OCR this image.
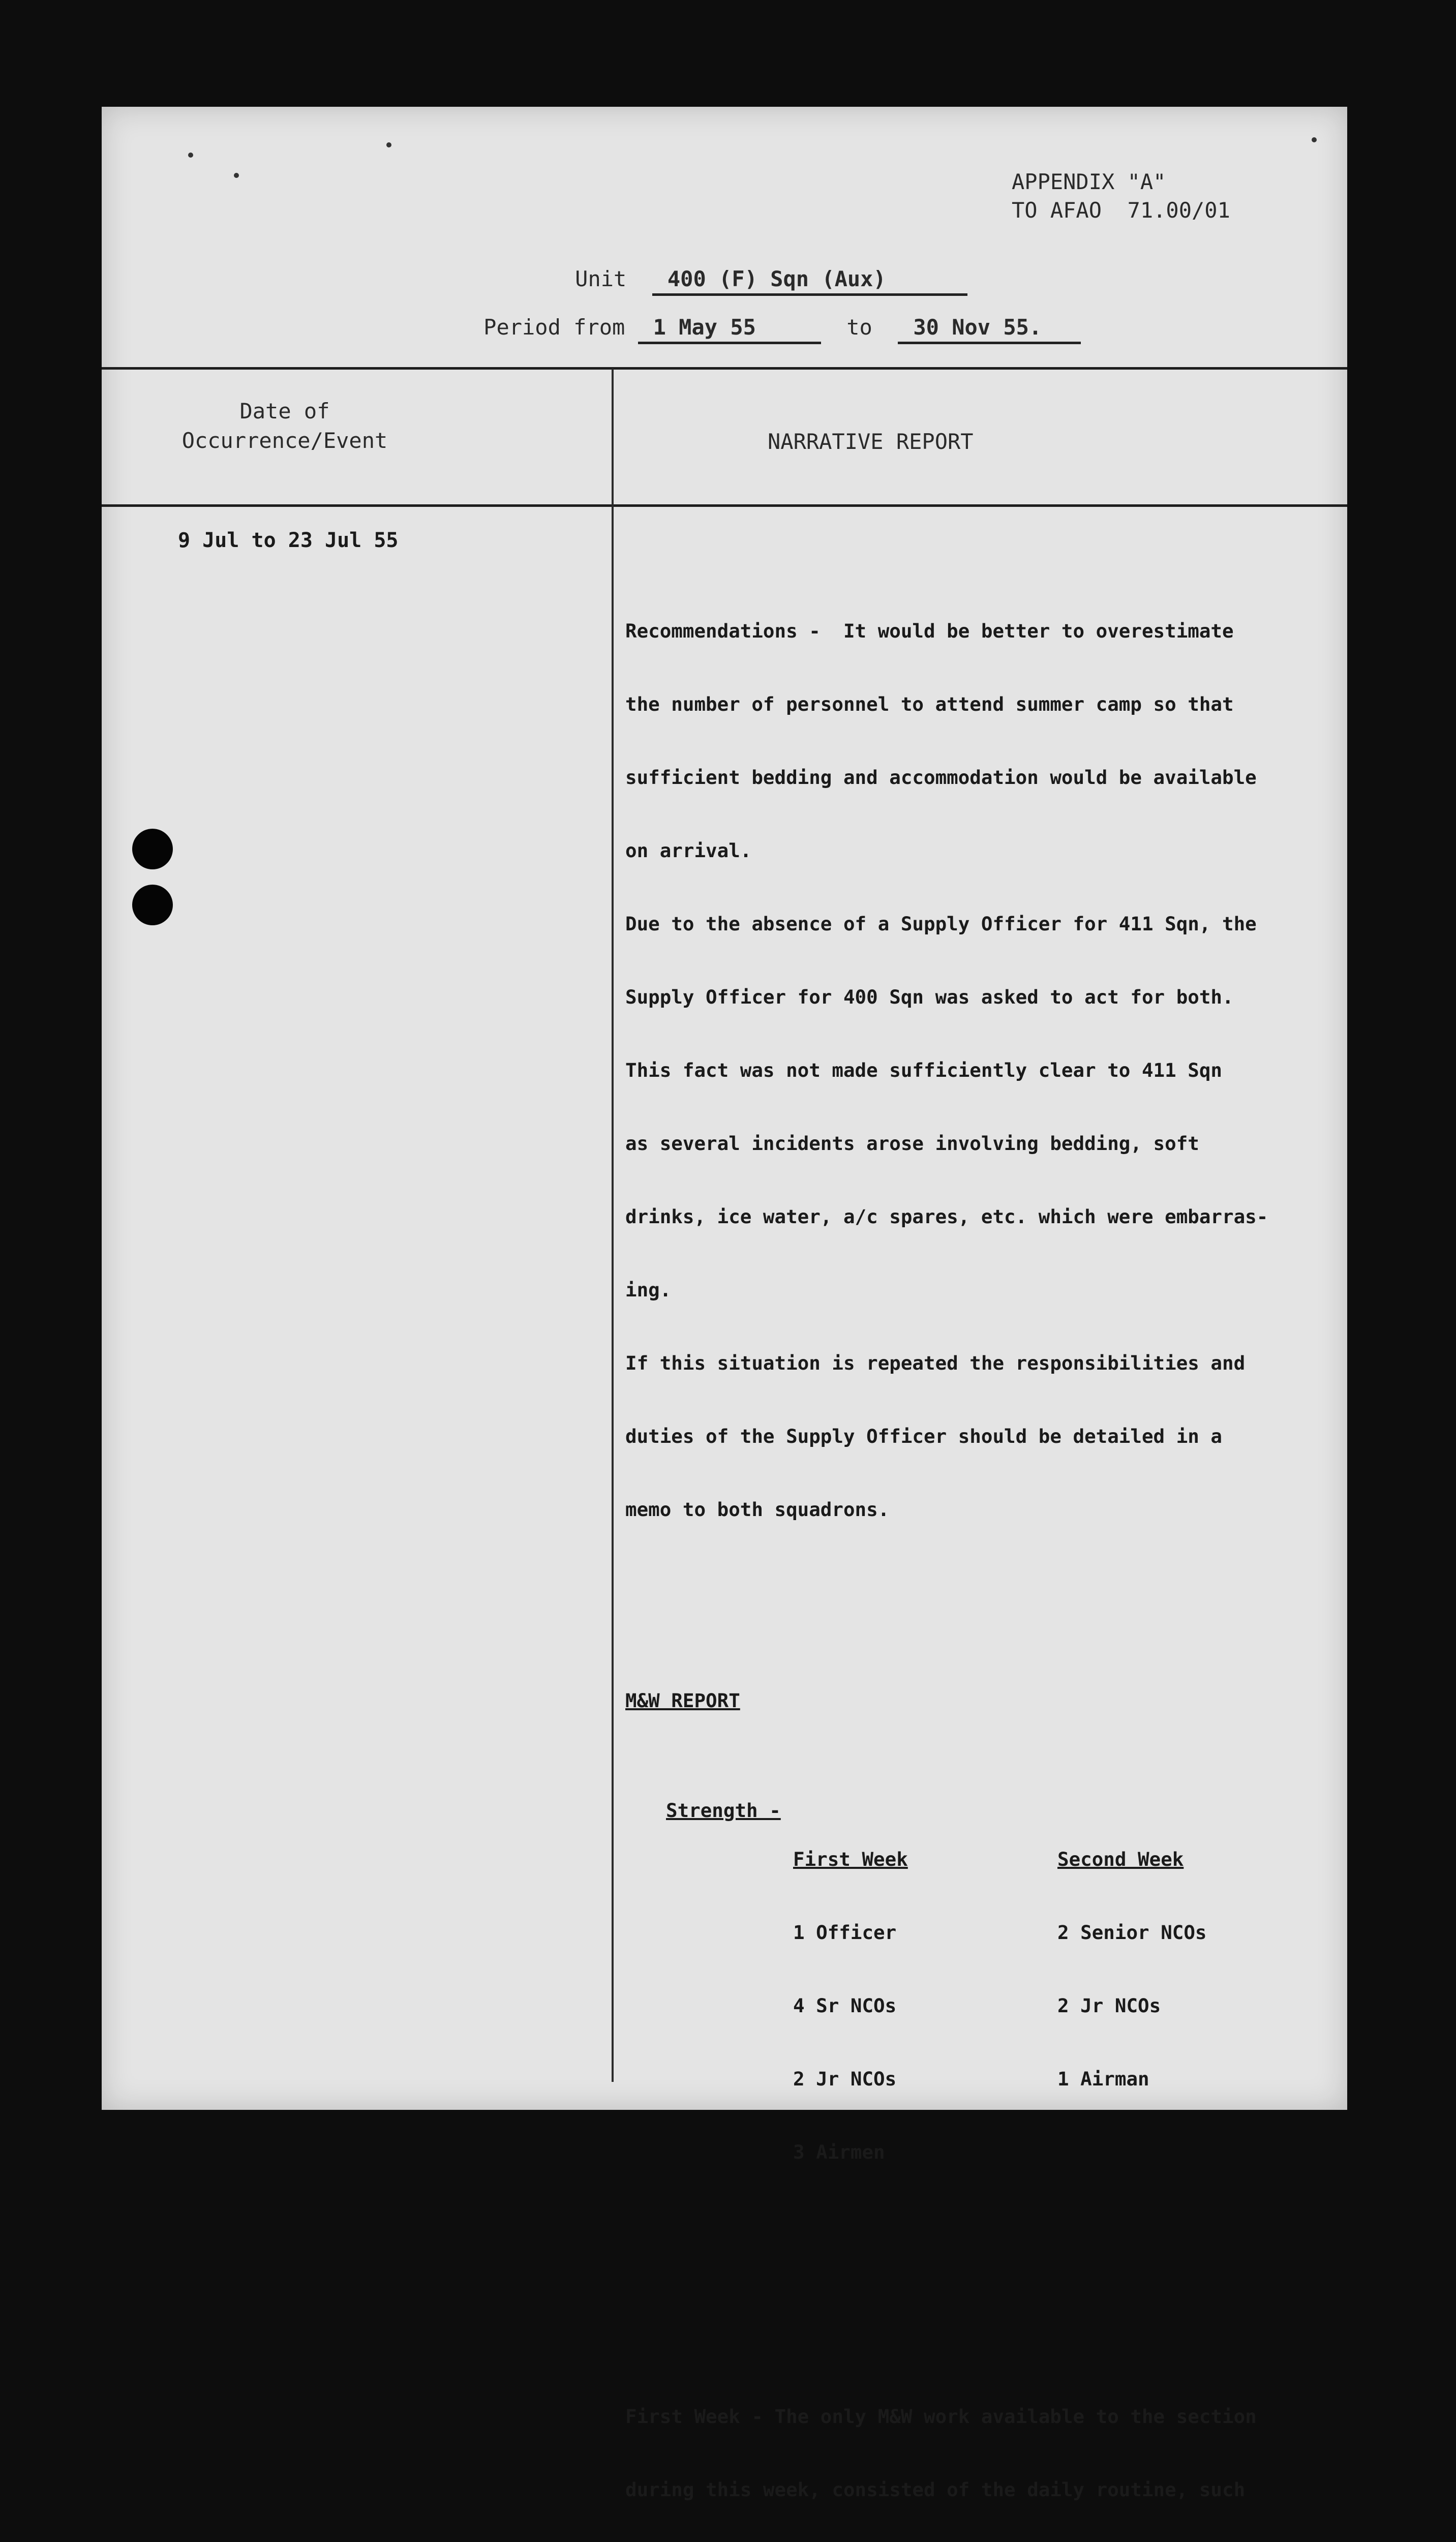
APPENDIX "A"
TO AFAO  71.00/01

Unit 400 (F) Sqn (Aux)

Period from 1 May 55	to 30 Nov 55.

Date of
Occurrence/Event	NARRATIVE REPORT
9 Jul to 23 Jul 55

Recommendations -  It would be better to overestimate

the number of personnel to attend summer camp so that

sufficient bedding and accommodation would be available

on arrival.

Due to the absence of a Supply Officer for 411 Sqn, the

Supply Officer for 400 Sqn was asked to act for both.

This fact was not made sufficiently clear to 411 Sqn

as several incidents arose involving bedding, soft

drinks, ice water, a/c spares, etc. which were embarras-

ing.

If this situation is repeated the responsibilities and

duties of the Supply Officer should be detailed in a

memo to both squadrons.

M&W REPORT

Strength -

First Week

1 Officer

4 Sr NCOs

2 Jr NCOs

3 Airmen

Second Week

2 Senior NCOs

2 Jr NCOs

1 Airman

First Week - The only M&W work available to the section

during this week, consisted of the daily routine, such
